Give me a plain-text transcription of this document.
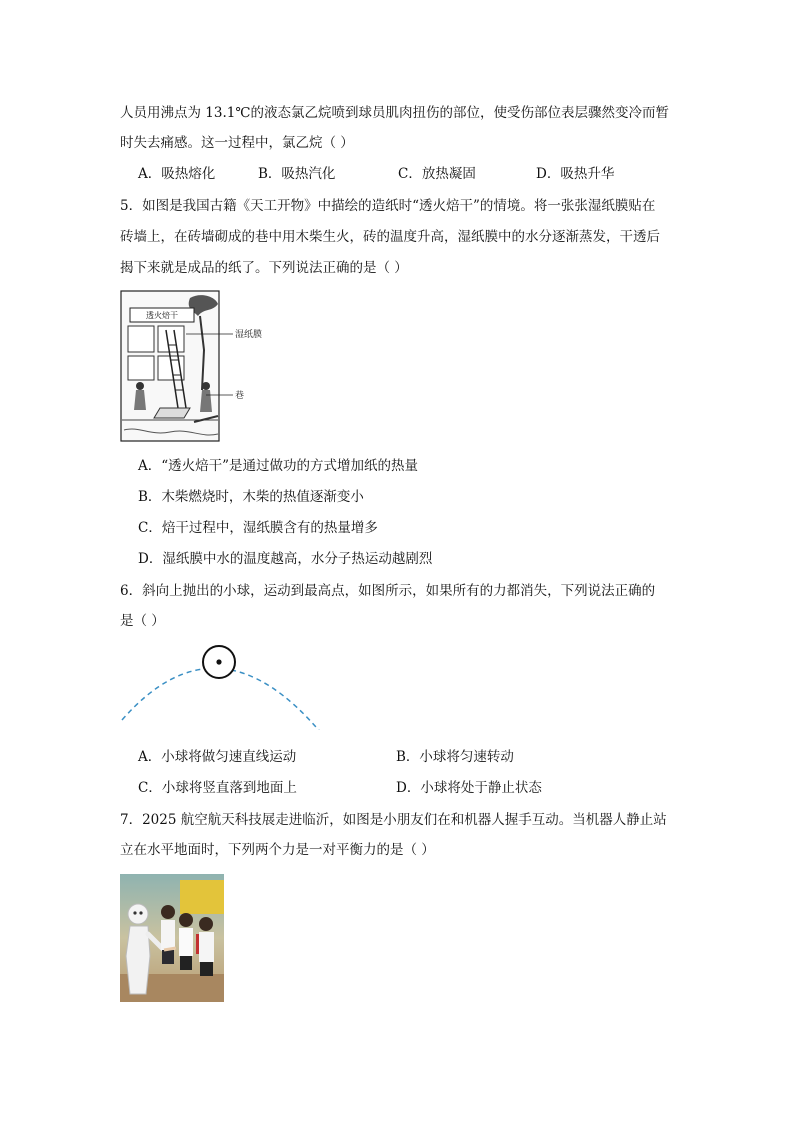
人员用沸点为 13.1℃的液态氯乙烷喷到球员肌肉扭伤的部位，使受伤部位表层骤然变冷而暂
时失去痛感。这一过程中，氯乙烷（ ）
A．吸热熔化	B．吸热汽化	C．放热凝固	D．吸热升华
5．如图是我国古籍《天工开物》中描绘的造纸时“透火焙干”的情境。将一张张湿纸膜贴在
砖墙上，在砖墙砌成的巷中用木柴生火，砖的温度升高，湿纸膜中的水分逐渐蒸发，干透后
揭下来就是成品的纸了。下列说法正确的是（ ）
透火焙干
湿纸膜
巷
A．“透火焙干”是通过做功的方式增加纸的热量
B．木柴燃烧时，木柴的热值逐渐变小
C．焙干过程中，湿纸膜含有的热量增多
D．湿纸膜中水的温度越高，水分子热运动越剧烈
6．斜向上抛出的小球，运动到最高点，如图所示，如果所有的力都消失，下列说法正确的
是（ ）
A．小球将做匀速直线运动	B．小球将匀速转动
C．小球将竖直落到地面上	D．小球将处于静止状态
7．2025 航空航天科技展走进临沂，如图是小朋友们在和机器人握手互动。当机器人静止站
立在水平地面时，下列两个力是一对平衡力的是（ ）
